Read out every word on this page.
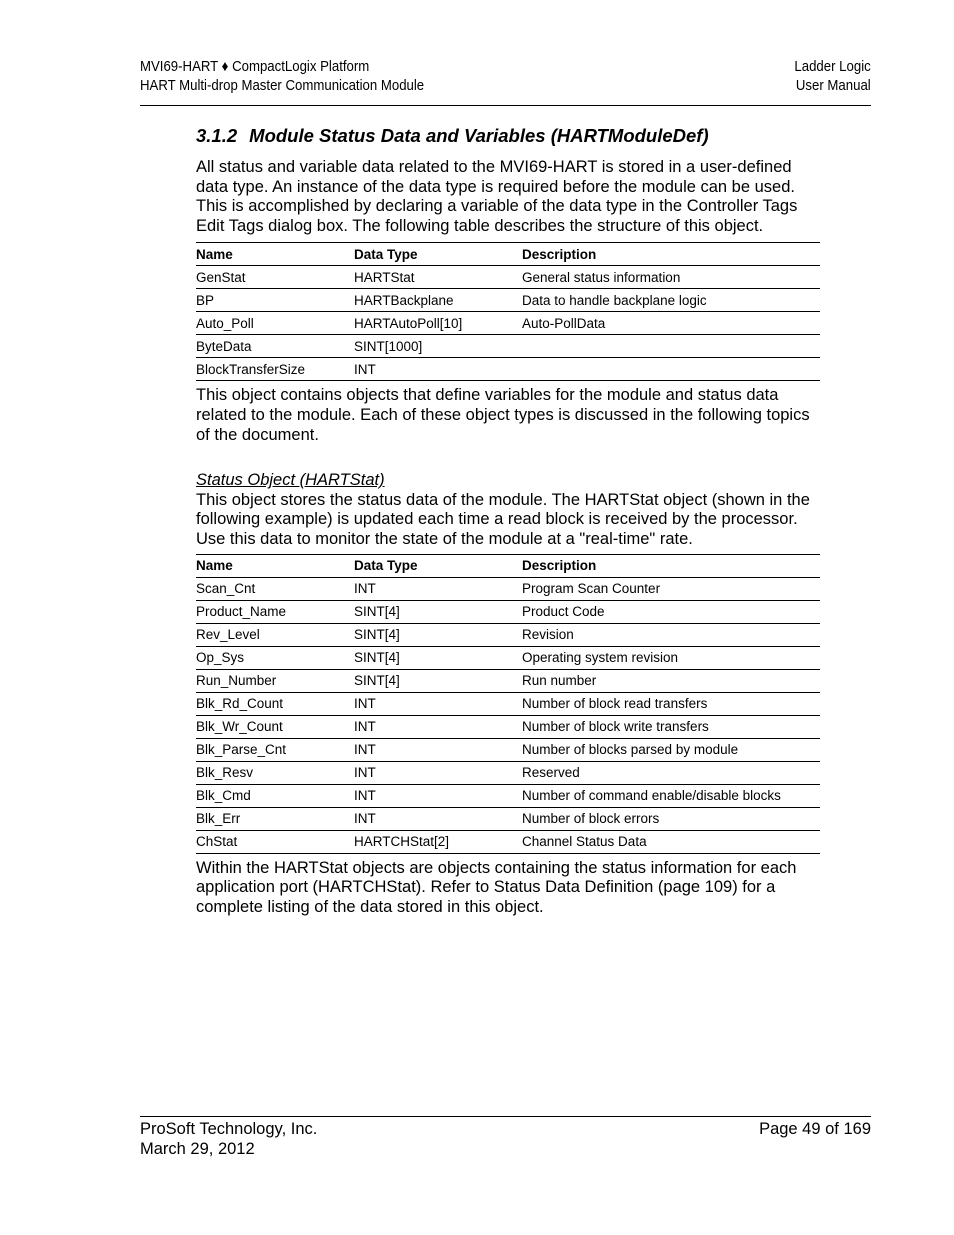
MVI69-HART ♦ CompactLogix Platform
HART Multi-drop Master Communication Module
Ladder Logic
User Manual
3.1.2 Module Status Data and Variables (HARTModuleDef)

All status and variable data related to the MVI69-HART is stored in a user-defined data type. An instance of the data type is required before the module can be used. This is accomplished by declaring a variable of the data type in the Controller Tags Edit Tags dialog box. The following table describes the structure of this object.

Name	Data Type	Description
GenStat	HARTStat	General status information
BP	HARTBackplane	Data to handle backplane logic
Auto_Poll	HARTAutoPoll[10]	Auto-PollData
ByteData	SINT[1000]	
BlockTransferSize	INT	

This object contains objects that define variables for the module and status data related to the module. Each of these object types is discussed in the following topics of the document.

Status Object (HARTStat)

This object stores the status data of the module. The HARTStat object (shown in the following example) is updated each time a read block is received by the processor. Use this data to monitor the state of the module at a "real-time" rate.

Name	Data Type	Description
Scan_Cnt	INT	Program Scan Counter
Product_Name	SINT[4]	Product Code
Rev_Level	SINT[4]	Revision
Op_Sys	SINT[4]	Operating system revision
Run_Number	SINT[4]	Run number
Blk_Rd_Count	INT	Number of block read transfers
Blk_Wr_Count	INT	Number of block write transfers
Blk_Parse_Cnt	INT	Number of blocks parsed by module
Blk_Resv	INT	Reserved
Blk_Cmd	INT	Number of command enable/disable blocks
Blk_Err	INT	Number of block errors
ChStat	HARTCHStat[2]	Channel Status Data

Within the HARTStat objects are objects containing the status information for each application port (HARTCHStat). Refer to Status Data Definition (page 109) for a complete listing of the data stored in this object.

ProSoft Technology, Inc.
March 29, 2012
Page 49 of 169
